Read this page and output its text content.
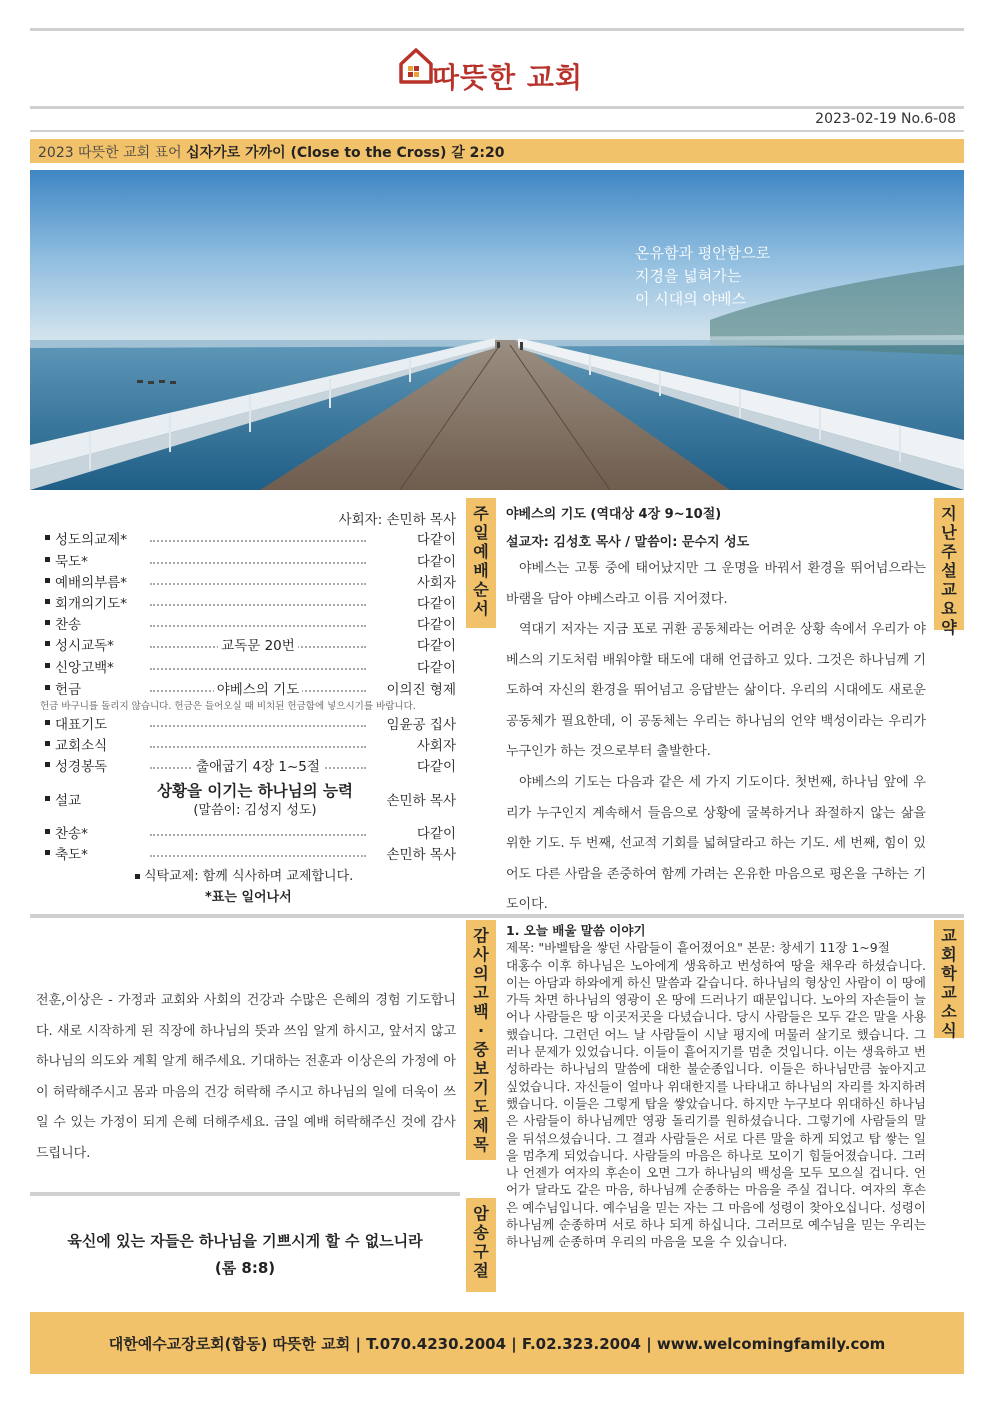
따뜻한 교회
2023-02-19 No.6-08
2023 따뜻한 교회 표어 십자가로 가까이 (Close to the Cross) 갈 2:20
온유함과 평안함으로
지경을 넓혀가는
이 시대의 야베스
주
일
예
배
순
서
지
난
주
설
교
요
약
감
사
의
고
백
·
중
보
기
도
제
목
교
회
학
교
소
식
암
송
구
절
사회자: 손민하 목사
성도의교제*	다같이
묵도*	다같이
예배의부름*	사회자
회개의기도*	다같이
찬송	다같이
성시교독*	교독문 20번	다같이
신앙고백*	다같이
헌금	야베스의 기도	이의진 형제
대표기도	임윤공 집사
교회소식	사회자
성경봉독	출애굽기 4장 1~5절	다같이
설교	손민하 목사
찬송*	다같이
축도*	손민하 목사
헌금 바구니를 돌리지 않습니다. 헌금은 들어오실 때 비치된 헌금함에 넣으시기를 바랍니다.
상황을 이기는 하나님의 능력
(말씀이: 김성지 성도)
식탁교제: 함께 식사하며 교제합니다.
*표는 일어나서
야베스의 기도 (역대상 4장 9~10절)
설교자: 김성호 목사 / 말씀이: 문수지 성도
야베스는 고통 중에 태어났지만 그 운명을 바꿔서 환경을 뛰어넘으라는 바램을 담아 야베스라고 이름 지어졌다.
역대기 저자는 지금 포로 귀환 공동체라는 어려운 상황 속에서 우리가 야베스의 기도처럼 배워야할 태도에 대해 언급하고 있다. 그것은 하나님께 기도하여 자신의 환경을 뛰어넘고 응답받는 삶이다. 우리의 시대에도 새로운 공동체가 필요한데, 이 공동체는 우리는 하나님의 언약 백성이라는 우리가 누구인가 하는 것으로부터 출발한다.
야베스의 기도는 다음과 같은 세 가지 기도이다. 첫번째, 하나님 앞에 우리가 누구인지 계속해서 들음으로 상황에 굴복하거나 좌절하지 않는 삶을 위한 기도. 두 번째, 선교적 기회를 넓혀달라고 하는 기도. 세 번째, 힘이 있어도 다른 사람을 존중하여 함께 가려는 온유한 마음으로 평온을 구하는 기도이다.
1. 오늘 배울 말씀 이야기
제목: "바벨탑을 쌓던 사람들이 흩어졌어요" 본문: 창세기 11장 1~9절
대홍수 이후 하나님은 노아에게 생육하고 번성하여 땅을 채우라 하셨습니다. 이는 아담과 하와에게 하신 말씀과 같습니다. 하나님의 형상인 사람이 이 땅에 가득 차면 하나님의 영광이 온 땅에 드러나기 때문입니다. 노아의 자손들이 늘어나 사람들은 땅 이곳저곳을 다녔습니다. 당시 사람들은 모두 같은 말을 사용했습니다. 그런던 어느 날 사람들이 시날 평지에 머물러 살기로 했습니다. 그러나 문제가 있었습니다. 이들이 흩어지기를 멈춘 것입니다. 이는 생육하고 번성하라는 하나님의 말씀에 대한 불순종입니다. 이들은 하나님만큼 높아지고 싶었습니다. 자신들이 얼마나 위대한지를 나타내고 하나님의 자리를 차지하려 했습니다. 이들은 그렇게 탑을 쌓았습니다. 하지만 누구보다 위대하신 하나님은 사람들이 하나님께만 영광 돌리기를 원하셨습니다. 그렇기에 사람들의 말을 뒤섞으셨습니다. 그 결과 사람들은 서로 다른 말을 하게 되었고 탑 쌓는 일을 멈추게 되었습니다. 사람들의 마음은 하나로 모이기 힘들어졌습니다. 그러나 언젠가 여자의 후손이 오면 그가 하나님의 백성을 모두 모으실 겁니다. 언어가 달라도 같은 마음, 하나님께 순종하는 마음을 주실 겁니다. 여자의 후손은 예수님입니다. 예수님을 믿는 자는 그 마음에 성령이 찾아오십니다. 성령이 하나님께 순종하며 서로 하나 되게 하십니다. 그러므로 예수님을 믿는 우리는 하나님께 순종하며 우리의 마음을 모을 수 있습니다.
전훈,이상은 - 가정과 교회와 사회의 건강과 수많은 은혜의 경험 기도합니다. 새로 시작하게 된 직장에 하나님의 뜻과 쓰임 알게 하시고, 앞서지 않고 하나님의 의도와 계획 알게 해주세요. 기대하는 전훈과 이상은의 가정에 아이 허락해주시고 몸과 마음의 건강 허락해 주시고 하나님의 일에 더욱이 쓰일 수 있는 가정이 되게 은혜 더해주세요. 금일 예배 허락해주신 것에 감사드립니다.
육신에 있는 자들은 하나님을 기쁘시게 할 수 없느니라
(롬 8:8)
대한예수교장로회(합동) 따뜻한 교회 | T.070.4230.2004 | F.02.323.2004 | www.welcomingfamily.com
